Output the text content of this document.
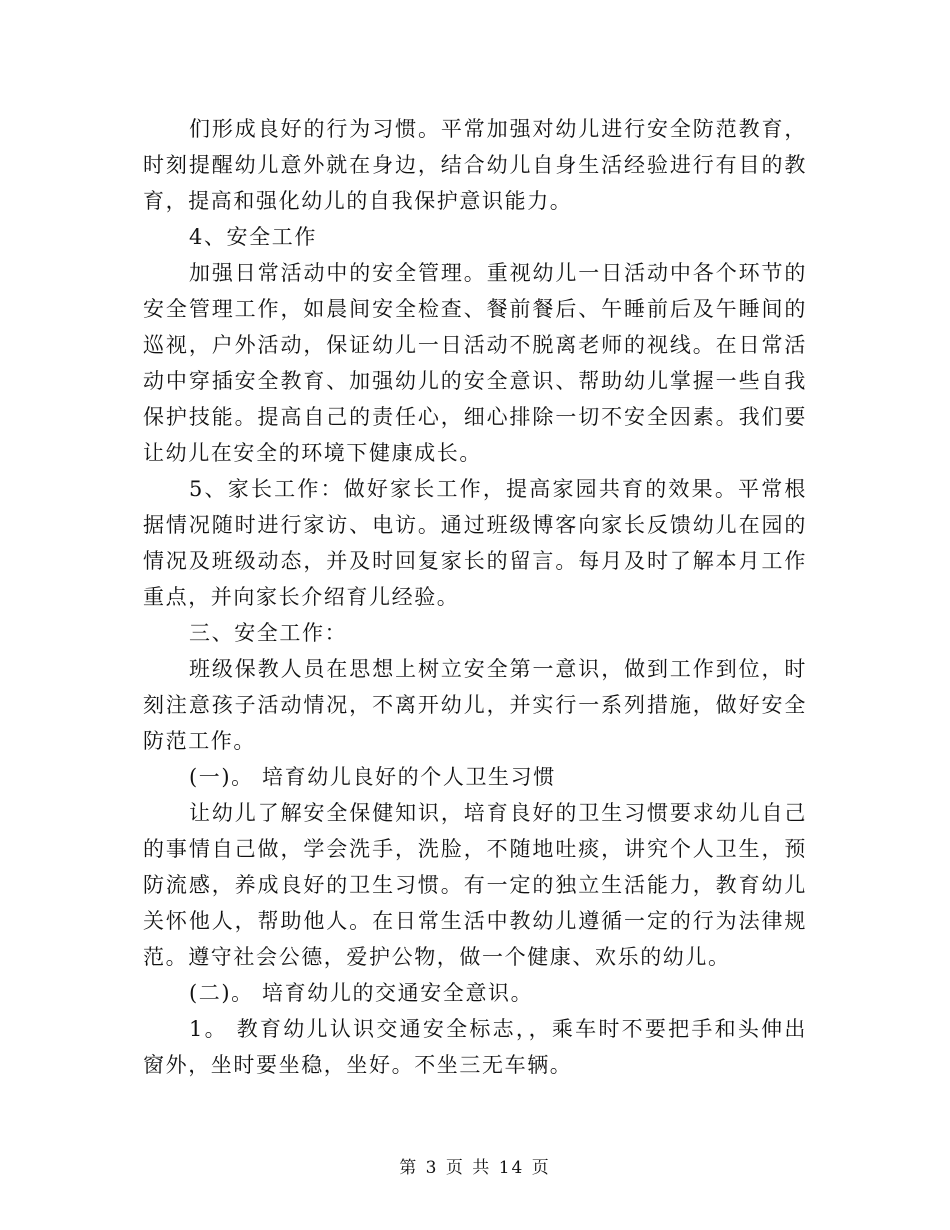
们形成良好的行为习惯。平常加强对幼儿进行安全防范教育，时刻提醒幼儿意外就在身边，结合幼儿自身生活经验进行有目的教育，提高和强化幼儿的自我保护意识能力。

4、安全工作

加强日常活动中的安全管理。重视幼儿一日活动中各个环节的安全管理工作，如晨间安全检查、餐前餐后、午睡前后及午睡间的巡视，户外活动，保证幼儿一日活动不脱离老师的视线。在日常活动中穿插安全教育、加强幼儿的安全意识、帮助幼儿掌握一些自我保护技能。提高自己的责任心，细心排除一切不安全因素。我们要让幼儿在安全的环境下健康成长。

5、家长工作：做好家长工作，提高家园共育的效果。平常根据情况随时进行家访、电访。通过班级博客向家长反馈幼儿在园的情况及班级动态，并及时回复家长的留言。每月及时了解本月工作重点，并向家长介绍育儿经验。

三、安全工作：

班级保教人员在思想上树立安全第一意识，做到工作到位，时刻注意孩子活动情况，不离开幼儿，并实行一系列措施，做好安全防范工作。

(一)。 培育幼儿良好的个人卫生习惯

让幼儿了解安全保健知识，培育良好的卫生习惯要求幼儿自己的事情自己做，学会洗手，洗脸，不随地吐痰，讲究个人卫生，预防流感，养成良好的卫生习惯。有一定的独立生活能力，教育幼儿关怀他人，帮助他人。在日常生活中教幼儿遵循一定的行为法律规范。遵守社会公德，爱护公物，做一个健康、欢乐的幼儿。

(二)。 培育幼儿的交通安全意识。

1。 教育幼儿认识交通安全标志，，乘车时不要把手和头伸出窗外，坐时要坐稳，坐好。不坐三无车辆。

第 3 页 共 14 页
